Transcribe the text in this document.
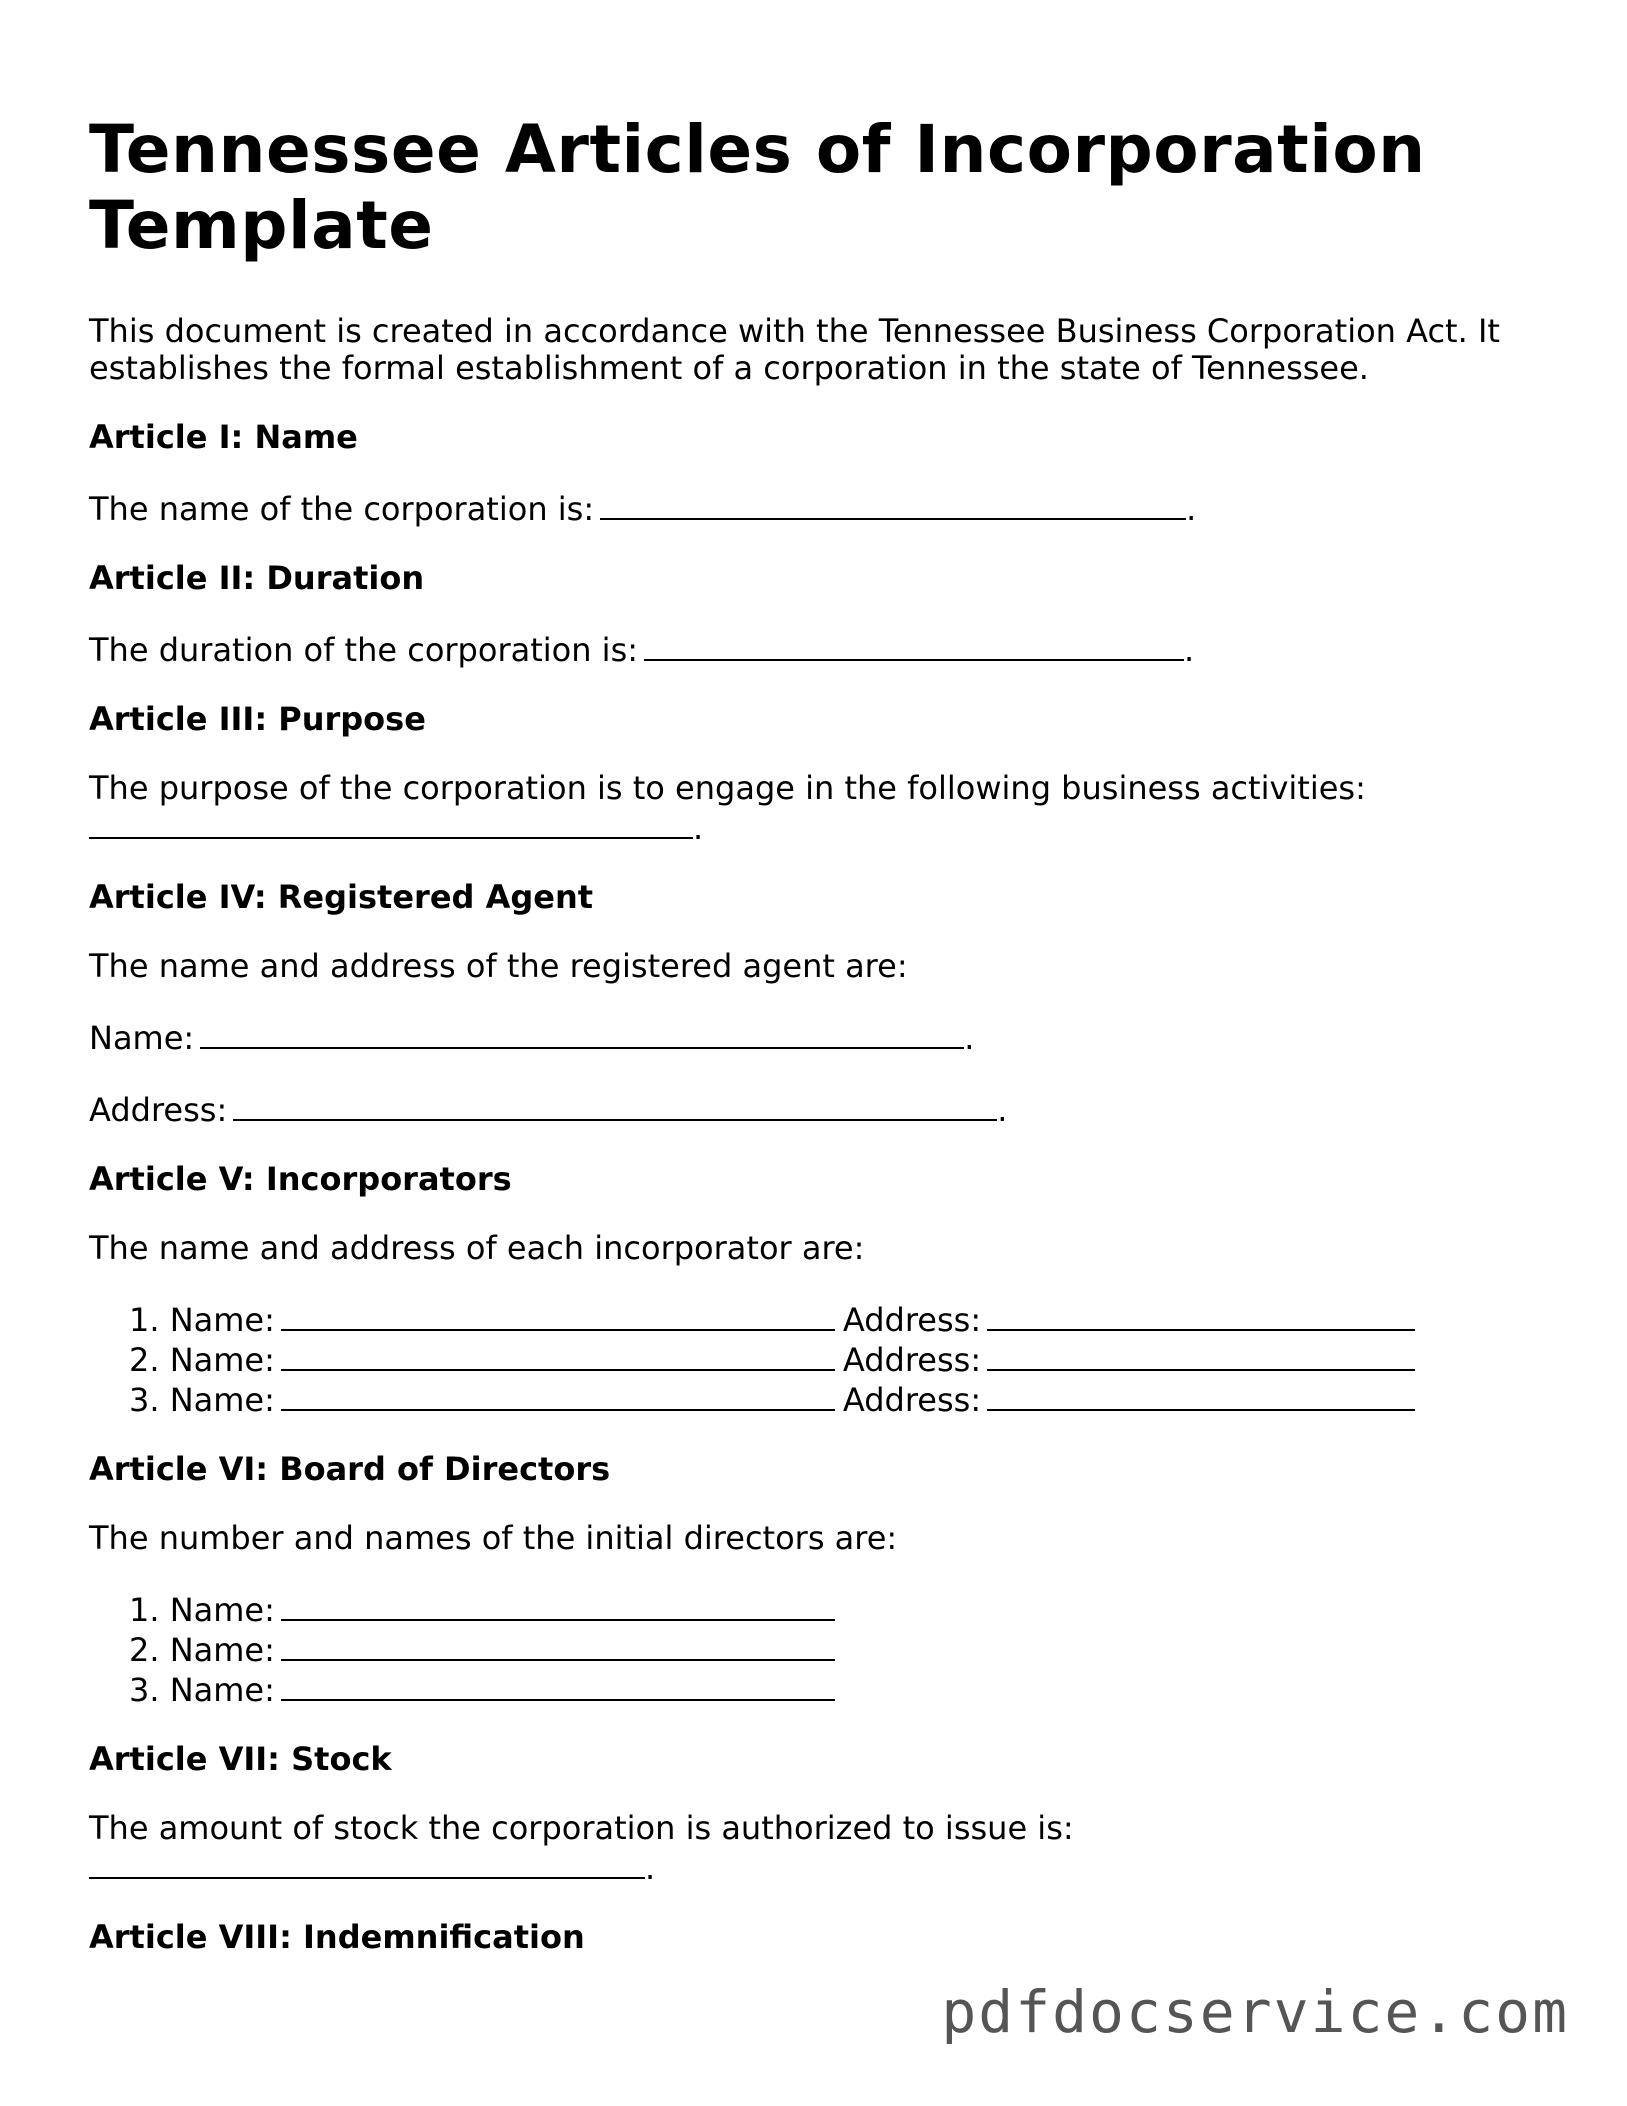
Tennessee Articles of Incorporation Template

This document is created in accordance with the Tennessee Business Corporation Act. It establishes the formal establishment of a corporation in the state of Tennessee.

Article I: Name

The name of the corporation is:	.

Article II: Duration

The duration of the corporation is:	.

Article III: Purpose

The purpose of the corporation is to engage in the following business activities:

.

Article IV: Registered Agent

The name and address of the registered agent are:

Name:	.

Address:	.

Article V: Incorporators

The name and address of each incorporator are:

1. Name:	Address:
2. Name:	Address:
3. Name:	Address:
Article VI: Board of Directors

The number and names of the initial directors are:

1. Name:
2. Name:
3. Name:
Article VII: Stock

The amount of stock the corporation is authorized to issue is:

.

Article VIII: Indemnification
pdfdocservice.com
